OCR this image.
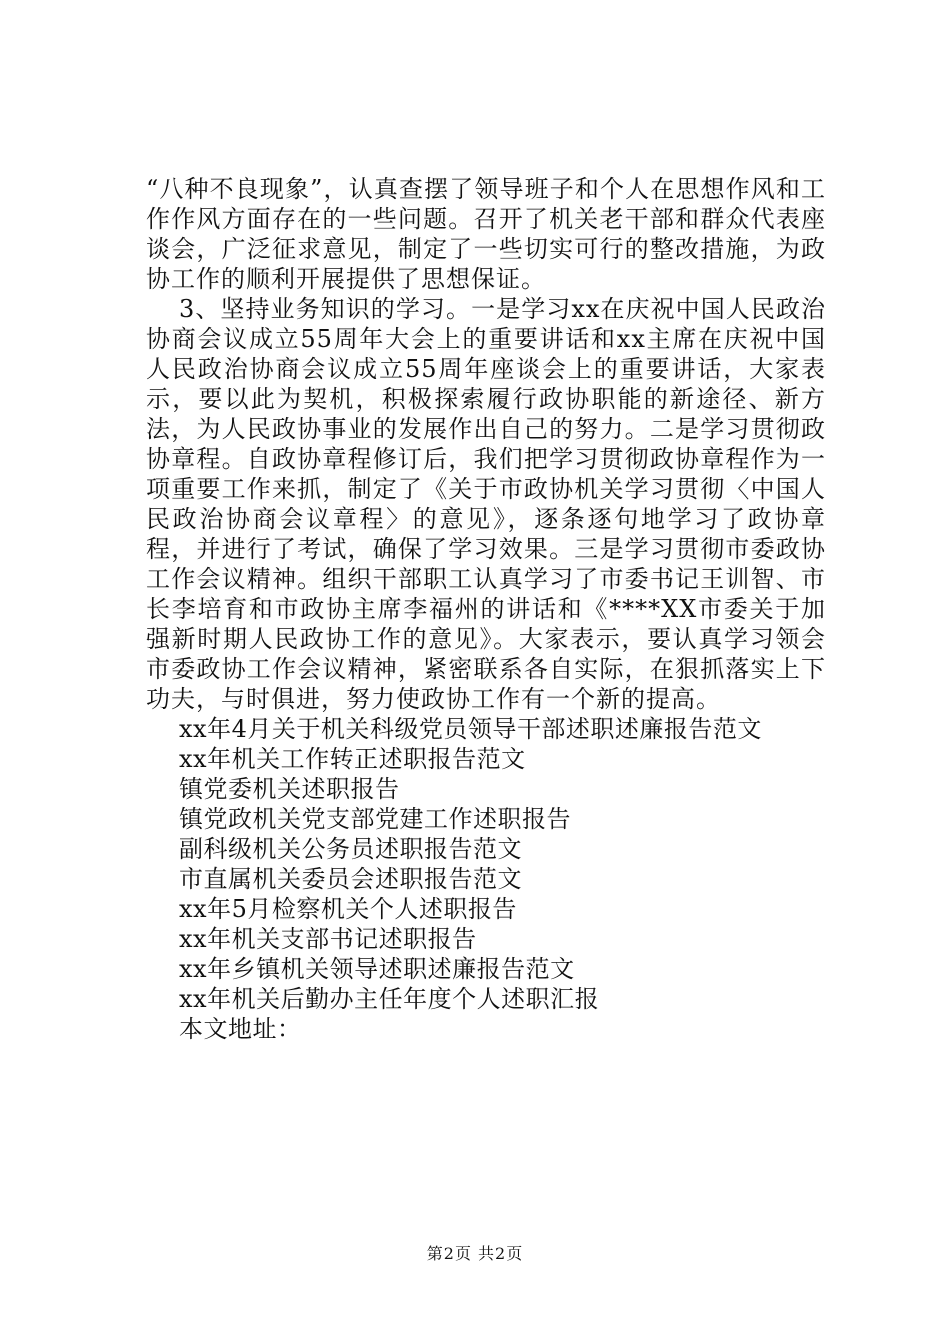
“八种不良现象”，认真查摆了领导班子和个人在思想作风和工作作风方面存在的一些问题。召开了机关老干部和群众代表座谈会，广泛征求意见，制定了一些切实可行的整改措施，为政协工作的顺利开展提供了思想保证。

3、坚持业务知识的学习。一是学习xx在庆祝中国人民政治协商会议成立55周年大会上的重要讲话和xx主席在庆祝中国人民政治协商会议成立55周年座谈会上的重要讲话，大家表示，要以此为契机，积极探索履行政协职能的新途径、新方法，为人民政协事业的发展作出自己的努力。二是学习贯彻政协章程。自政协章程修订后，我们把学习贯彻政协章程作为一项重要工作来抓，制定了《关于市政协机关学习贯彻〈中国人民政治协商会议章程〉的意见》，逐条逐句地学习了政协章程，并进行了考试，确保了学习效果。三是学习贯彻市委政协工作会议精神。组织干部职工认真学习了市委书记王训智、市长李培育和市政协主席李福州的讲话和《****XX市委关于加强新时期人民政协工作的意见》。大家表示，要认真学习领会市委政协工作会议精神，紧密联系各自实际，在狠抓落实上下功夫，与时俱进，努力使政协工作有一个新的提高。

xx年4月关于机关科级党员领导干部述职述廉报告范文
xx年机关工作转正述职报告范文
镇党委机关述职报告
镇党政机关党支部党建工作述职报告
副科级机关公务员述职报告范文
市直属机关委员会述职报告范文
xx年5月检察机关个人述职报告
xx年机关支部书记述职报告
xx年乡镇机关领导述职述廉报告范文
xx年机关后勤办主任年度个人述职汇报

本文地址：

第2页 共2页
